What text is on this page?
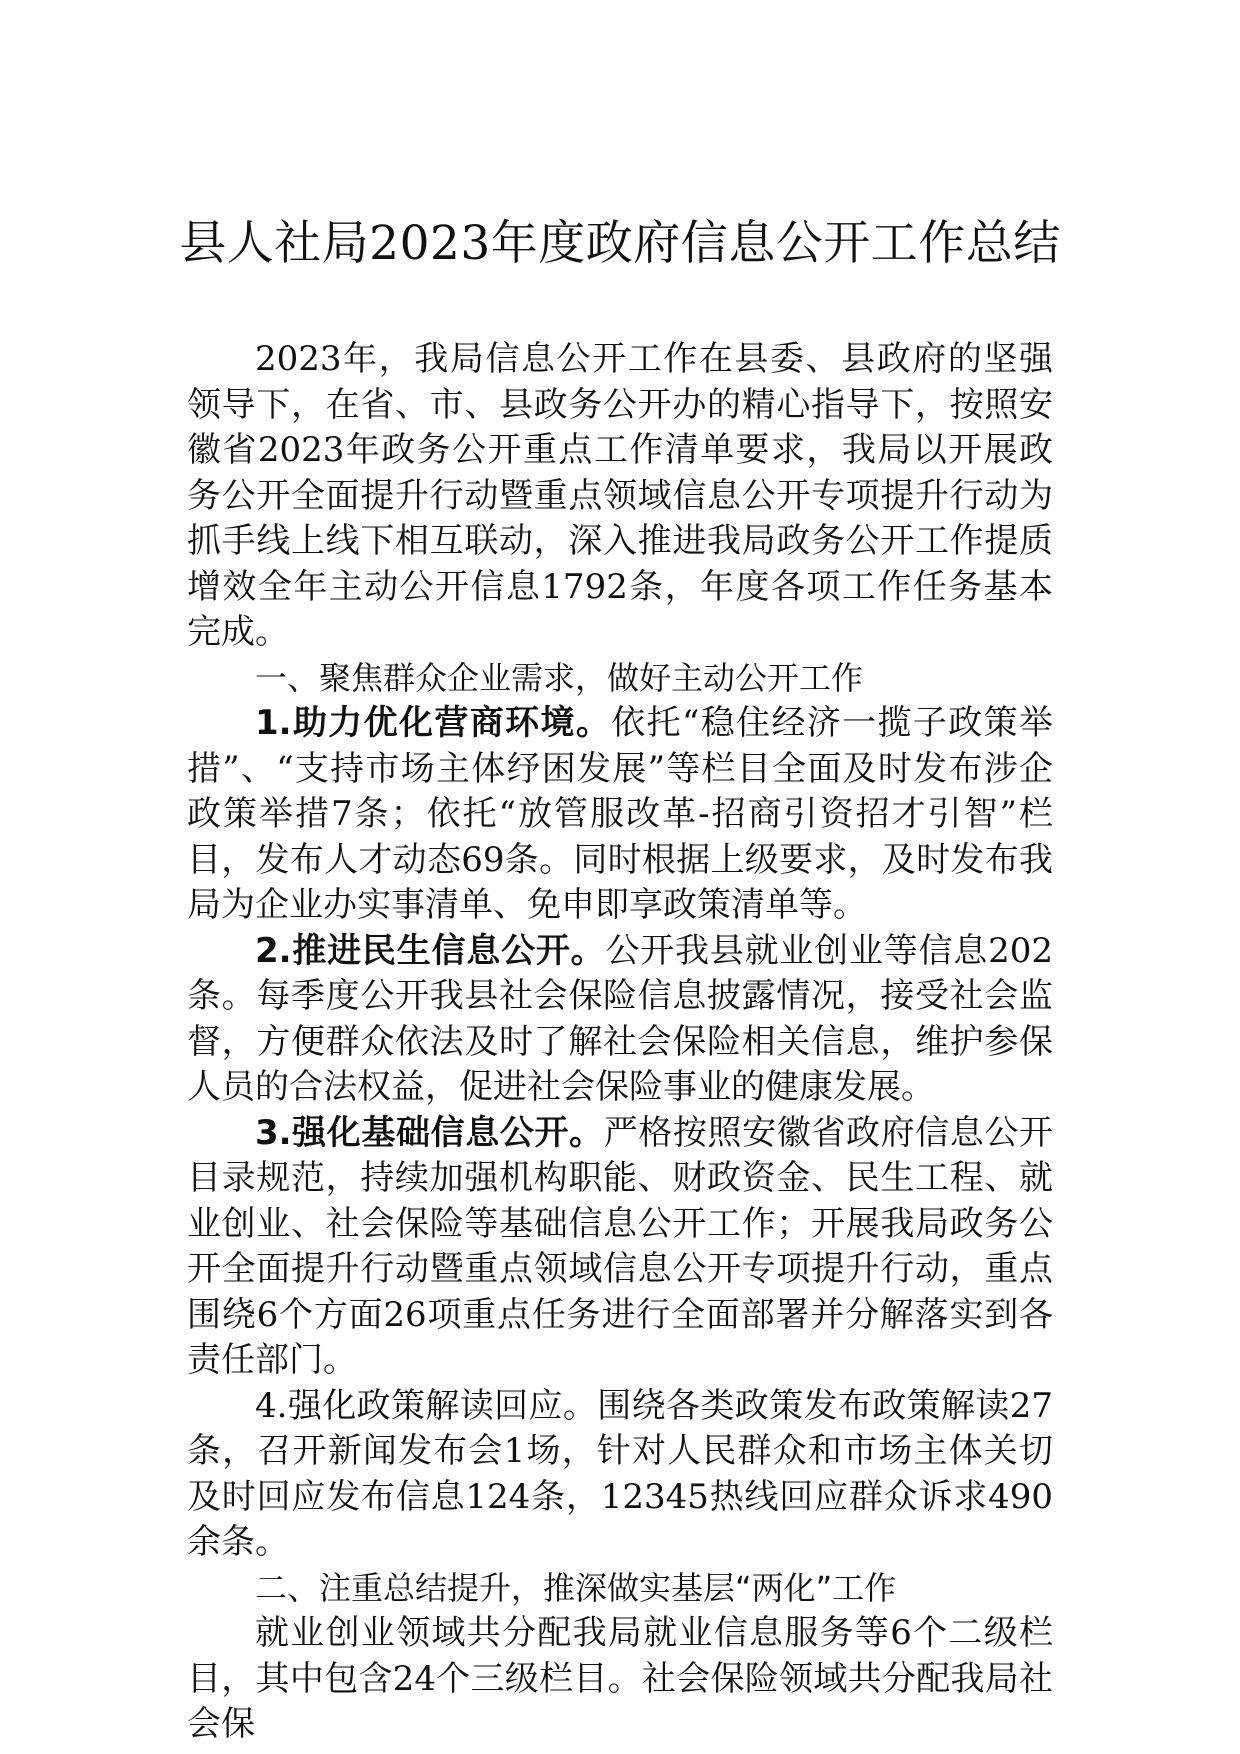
县人社局2023年度政府信息公开工作总结

2023年，我局信息公开工作在县委、县政府的坚强领导下，在省、市、县政务公开办的精心指导下，按照安徽省2023年政务公开重点工作清单要求，我局以开展政务公开全面提升行动暨重点领域信息公开专项提升行动为抓手线上线下相互联动，深入推进我局政务公开工作提质增效全年主动公开信息1792条，年度各项工作任务基本完成。

一、聚焦群众企业需求，做好主动公开工作

1.助力优化营商环境。依托“稳住经济一揽子政策举措”、“支持市场主体纾困发展”等栏目全面及时发布涉企政策举措7条；依托“放管服改革-招商引资招才引智”栏目，发布人才动态69条。同时根据上级要求，及时发布我局为企业办实事清单、免申即享政策清单等。

2.推进民生信息公开。公开我县就业创业等信息202条。每季度公开我县社会保险信息披露情况，接受社会监督，方便群众依法及时了解社会保险相关信息，维护参保人员的合法权益，促进社会保险事业的健康发展。

3.强化基础信息公开。严格按照安徽省政府信息公开目录规范，持续加强机构职能、财政资金、民生工程、就业创业、社会保险等基础信息公开工作；开展我局政务公开全面提升行动暨重点领域信息公开专项提升行动，重点围绕6个方面26项重点任务进行全面部署并分解落实到各责任部门。

4.强化政策解读回应。围绕各类政策发布政策解读27条，召开新闻发布会1场，针对人民群众和市场主体关切及时回应发布信息124条，12345热线回应群众诉求490余条。

二、注重总结提升，推深做实基层“两化”工作

就业创业领域共分配我局就业信息服务等6个二级栏目，其中包含24个三级栏目。社会保险领域共分配我局社会保
